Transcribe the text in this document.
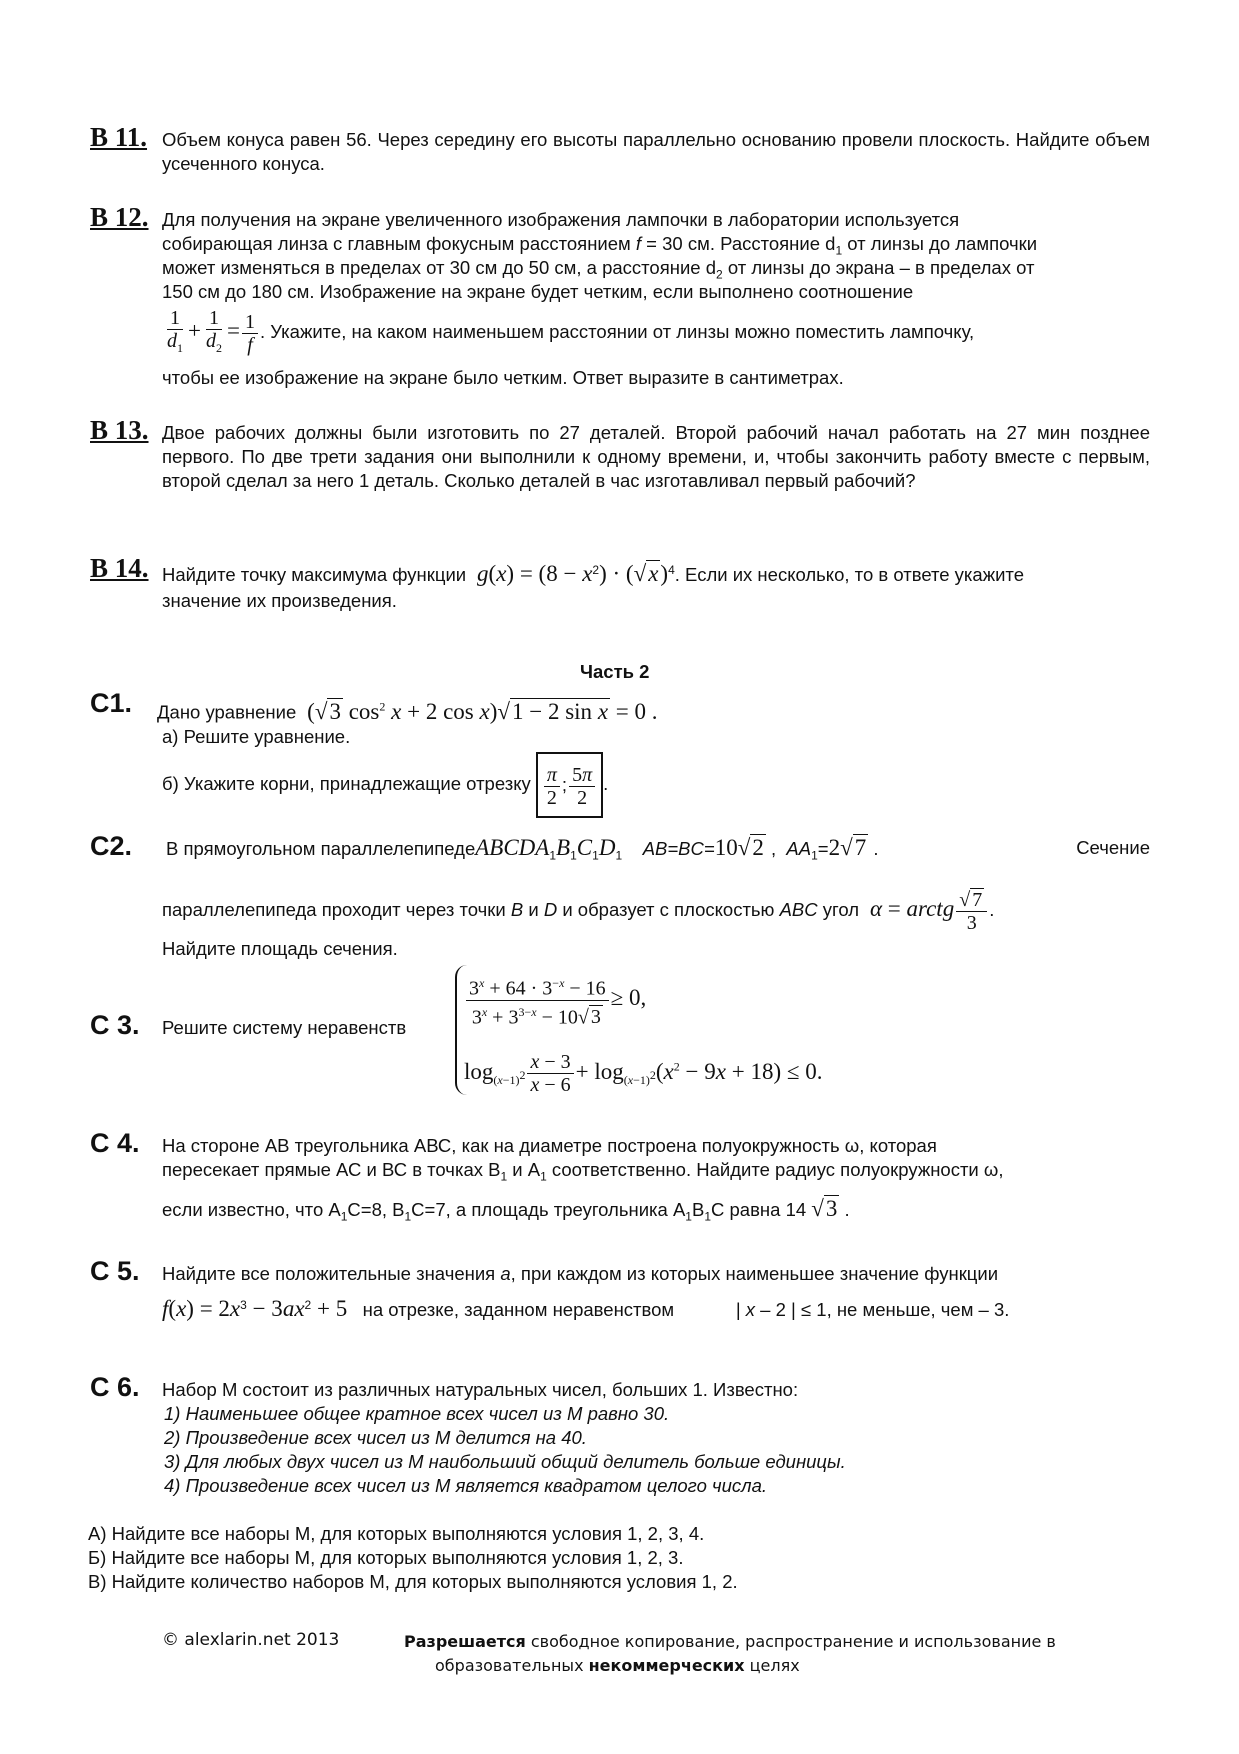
B 11. Объем конуса равен 56. Через середину его высоты параллельно основанию провели плоскость. Найдите объем усеченного конуса.
B 12. Для получения на экране увеличенного изображения лампочки в лаборатории используется
собирающая линза с главным фокусным расстоянием f = 30 см. Расстояние $d_1$ от линзы до лампочки
может изменяться в пределах от 30 см до 50 см, а расстояние $d_2$ от линзы до экрана – в пределах от
150 см до 180 см. Изображение на экране будет четким, если выполнено соотношение
$\frac{1}{d_1} + \frac{1}{d_2} = \frac{1}{f}$ . Укажите, на каком наименьшем расстоянии от линзы можно поместить лампочку,
чтобы ее изображение на экране было четким. Ответ выразите в сантиметрах.
B 13. Двое рабочих должны были изготовить по 27 деталей. Второй рабочий начал работать на 27 мин позднее первого. По две трети задания они выполнили к одному времени, и, чтобы закончить работу вместе с первым, второй сделал за него 1 деталь. Сколько деталей в час изготавливал первый рабочий?
B 14. Найдите точку максимума функции  $g(x) = (8 - x^2) \cdot (√x)^4$. Если их несколько, то в ответе укажите
значение их произведения.
Часть 2
C1. Дано уравнение  (√3 $\cos^2 x + 2$ cos x)√1 − 2 sin x = 0 .
а) Решите уравнение.
б) Укажите корни, принадлежащие отрезку $\frac{\pi}{2}$ ; $\frac{5\pi}{2}$ .
C2. В прямоугольном $параллелепипедеABCDA_1B_1C_1D_1$ AB=BC=10√2 ,  $AA_1=2√7$ .	Сечение
параллелепипеда проходит через точки B и D и образует с плоскостью ABC угол  α = arctg $\frac{√ 7}{3}$ .
Найдите площадь сечения.
C 3. Решите систему неравенств	$\frac{3^x + 64 \cdot 3^{-x} - 16}{3^x + 3^{3-x} - 10√ 3} \ge 0$,
$\log_{(x-1)^2} \frac{x - 3}{x - 6} + \log_{(x-1)^2}(x^2 - 9x + 18) \le 0$.
C 4. На стороне АВ треугольника АВС, как на диаметре построена полуокружность ω, которая
пересекает прямые АС и ВС в точках $В_1$ и $А_1$ соответственно. Найдите радиус полуокружности ω,
если известно, что $А_1С=8$, $В_1С=7$, а площадь треугольника $А_1В_1С$ равна 14 √3 .
C 5. Найдите все положительные значения a, при каждом из которых наименьшее значение функции
$f(x) = 2x^3 - 3ax^2 + 5$ на отрезке, заданном неравенством            | x – 2 | ≤ 1, не меньше, чем – 3.
C 6. Набор М состоит из различных натуральных чисел, больших 1. Известно:
1) Наименьшее общее кратное всех чисел из М равно 30.
2) Произведение всех чисел из М делится на 40.
3) Для любых двух чисел из М наибольший общий делитель больше единицы.
4) Произведение всех чисел из М является квадратом целого числа.
А) Найдите все наборы М, для которых выполняются условия 1, 2, 3, 4.
Б) Найдите все наборы М, для которых выполняются условия 1, 2, 3.
В) Найдите количество наборов М, для которых выполняются условия 1, 2.
© alexlarin.net 2013	Разрешается свободное копирование, распространение и использование в
образовательных некоммерческих целях
